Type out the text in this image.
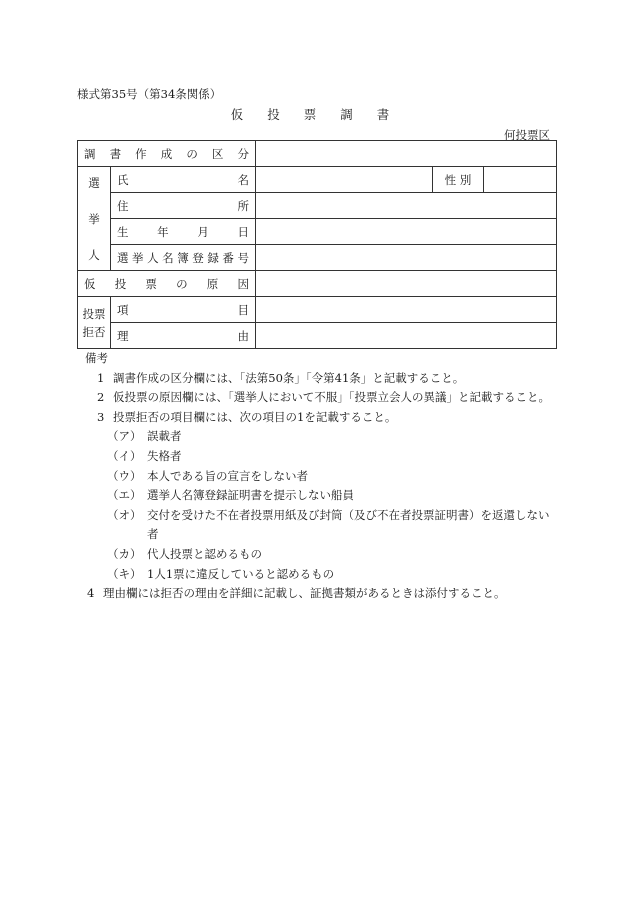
様式第35号（第34条関係）
仮 投 票 調 書
何投票区
調 書 作 成 の 区 分				

選
挙
人	氏名		性 別	
	住所			
	生年月日			
	選挙人名簿登録番号			
仮投票の原因				
投票
拒否	項目			
	理由			
備考
1 調書作成の区分欄には、「法第50条」「令第41条」と記載すること。
2 仮投票の原因欄には、「選挙人において不服」「投票立会人の異議」と記載すること。
3 投票拒否の項目欄には、次の項目の1を記載すること。
（ア） 誤載者
（イ） 失格者
（ウ） 本人である旨の宣言をしない者
（エ） 選挙人名簿登録証明書を提示しない船員
（オ） 交付を受けた不在者投票用紙及び封筒（及び不在者投票証明書）を返還しない者
（カ） 代人投票と認めるもの
（キ） 1人1票に違反していると認めるもの
4 理由欄には拒否の理由を詳細に記載し、証拠書類があるときは添付すること。
